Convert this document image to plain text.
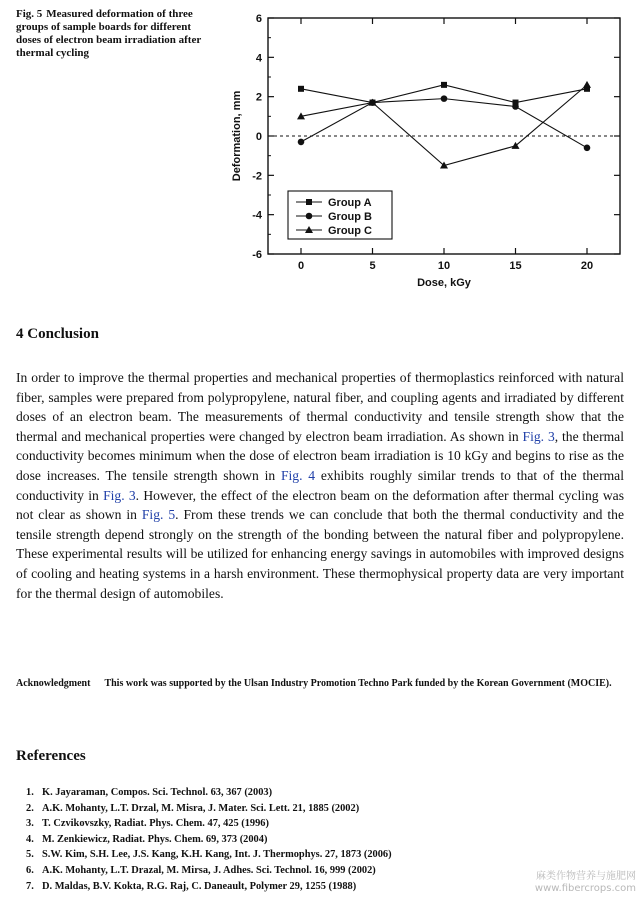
Fig. 5 Measured deformation of three groups of sample boards for different doses of electron beam irradiation after thermal cycling
6
4
2
0
-2
-4
-6
0	5	10	15	20
Dose, kGy
Deformation, mm
Group A
Group B
Group C
4 Conclusion

In order to improve the thermal properties and mechanical properties of thermoplastics reinforced with natural fiber, samples were prepared from polypropylene, natural fiber, and coupling agents and irradiated by different doses of an electron beam. The measurements of thermal conductivity and tensile strength show that the thermal and mechanical properties were changed by electron beam irradiation. As shown in Fig. 3, the thermal conductivity becomes minimum when the dose of electron beam irradiation is 10 kGy and begins to rise as the dose increases. The tensile strength shown in Fig. 4 exhibits roughly similar trends to that of the thermal conductivity in Fig. 3. However, the effect of the electron beam on the deformation after thermal cycling was not clear as shown in Fig. 5. From these trends we can conclude that both the thermal conductivity and the tensile strength depend strongly on the strength of the bonding between the natural fiber and polypropylene. These experimental results will be utilized for enhancing energy savings in automobiles with improved designs of cooling and heating systems in a harsh environment. These thermophysical property data are very important for the thermal design of automobiles.

Acknowledgment This work was supported by the Ulsan Industry Promotion Techno Park funded by the Korean Government (MOCIE).
References
1. K. Jayaraman, Compos. Sci. Technol. 63, 367 (2003)
2. A.K. Mohanty, L.T. Drzal, M. Misra, J. Mater. Sci. Lett. 21, 1885 (2002)
3. T. Czvikovszky, Radiat. Phys. Chem. 47, 425 (1996)
4. M. Zenkiewicz, Radiat. Phys. Chem. 69, 373 (2004)
5. S.W. Kim, S.H. Lee, J.S. Kang, K.H. Kang, Int. J. Thermophys. 27, 1873 (2006)
6. A.K. Mohanty, L.T. Drazal, M. Mirsa, J. Adhes. Sci. Technol. 16, 999 (2002)
7. D. Maldas, B.V. Kokta, R.G. Raj, C. Daneault, Polymer 29, 1255 (1988)
麻类作物营养与施肥网
www.fibercrops.com
